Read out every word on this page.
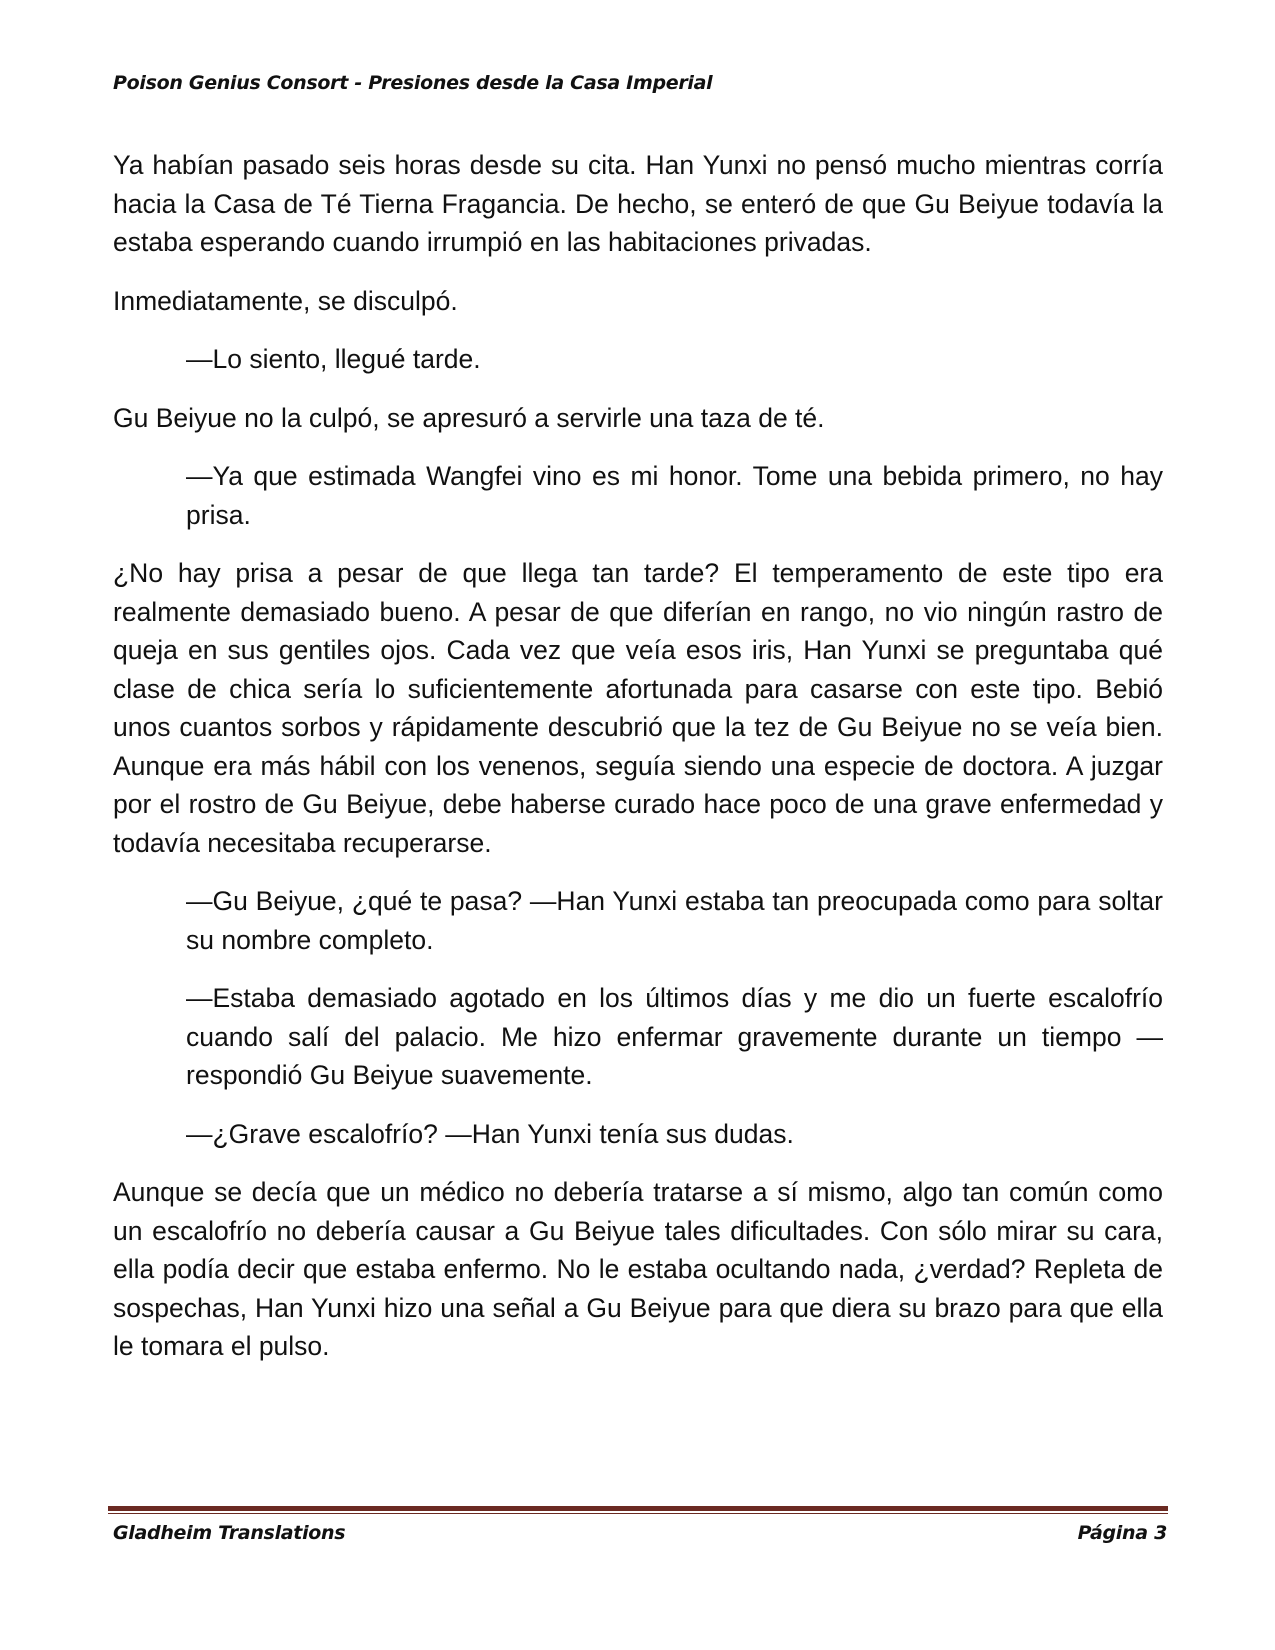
Poison Genius Consort - Presiones desde la Casa Imperial

Ya habían pasado seis horas desde su cita. Han Yunxi no pensó mucho mientras corría hacia la Casa de Té Tierna Fragancia. De hecho, se enteró de que Gu Beiyue todavía la estaba esperando cuando irrumpió en las habitaciones privadas.

Inmediatamente, se disculpó.

—Lo siento, llegué tarde.

Gu Beiyue no la culpó, se apresuró a servirle una taza de té.

—Ya que estimada Wangfei vino es mi honor. Tome una bebida primero, no hay prisa.

¿No hay prisa a pesar de que llega tan tarde? El temperamento de este tipo era realmente demasiado bueno. A pesar de que diferían en rango, no vio ningún rastro de queja en sus gentiles ojos. Cada vez que veía esos iris, Han Yunxi se preguntaba qué clase de chica sería lo suficientemente afortunada para casarse con este tipo. Bebió unos cuantos sorbos y rápidamente descubrió que la tez de Gu Beiyue no se veía bien. Aunque era más hábil con los venenos, seguía siendo una especie de doctora. A juzgar por el rostro de Gu Beiyue, debe haberse curado hace poco de una grave enfermedad y todavía necesitaba recuperarse.

—Gu Beiyue, ¿qué te pasa? —Han Yunxi estaba tan preocupada como para soltar su nombre completo.

—Estaba demasiado agotado en los últimos días y me dio un fuerte escalofrío cuando salí del palacio. Me hizo enfermar gravemente durante un tiempo —respondió Gu Beiyue suavemente.

—¿Grave escalofrío? —Han Yunxi tenía sus dudas.

Aunque se decía que un médico no debería tratarse a sí mismo, algo tan común como un escalofrío no debería causar a Gu Beiyue tales dificultades. Con sólo mirar su cara, ella podía decir que estaba enfermo. No le estaba ocultando nada, ¿verdad? Repleta de sospechas, Han Yunxi hizo una señal a Gu Beiyue para que diera su brazo para que ella le tomara el pulso.

Gladheim Translations	Página 3
